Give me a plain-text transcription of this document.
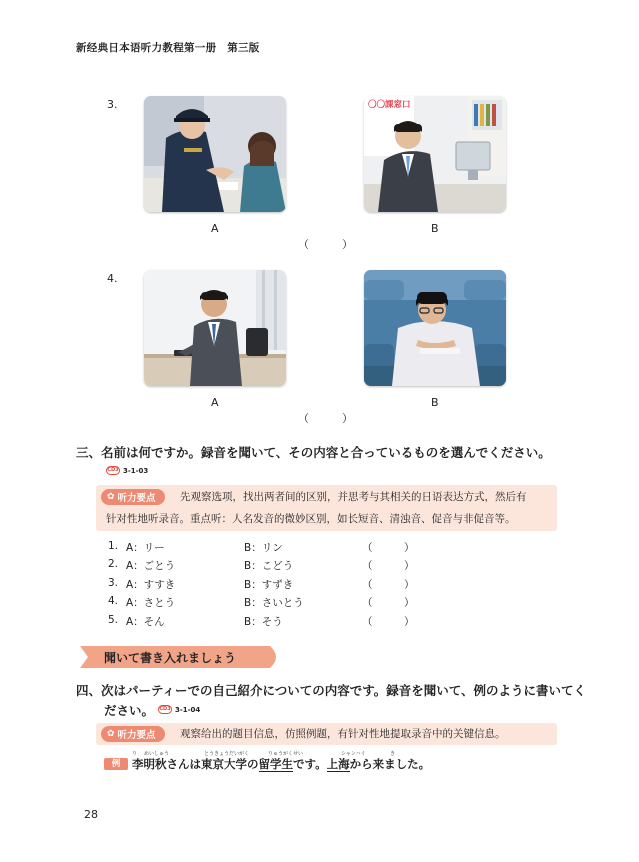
新经典日本语听力教程第一册　第三版
3.	〇〇課窓口
A	B
（　　　）
4.
A	B
（　　　）
三、名前は何ですか。録音を聞いて、その内容と合っているものを選んでください。
CD3 3-1-03
✿ 听力要点 先观察选项，找出两者间的区别，并思考与其相关的日语表达方式，然后有
针对性地听录音。重点听：人名发音的微妙区别，如长短音、清浊音、促音与非促音等。
1. A：リー	B：リン	（　　　）
2. A：ごとう	B：こどう	（　　　）
3. A：すすき	B：すずき	（　　　）
4. A：さとう	B：さいとう	（　　　）
5. A：そん	B：そう	（　　　）
聞いて書き入れましょう
四、次はパーティーでの自己紹介についての内容です。録音を聞いて、例のように書いてく
ださい。 CD3 3-1-04
✿ 听力要点 观察给出的题目信息，仿照例题，有针对性地提取录音中的关键信息。
例
り めいしゅう	とうきょうだいがく	りゅうがくせい	シャンハイ	き
李明秋さんは東京大学の留学生です。上海から来ました。
28
